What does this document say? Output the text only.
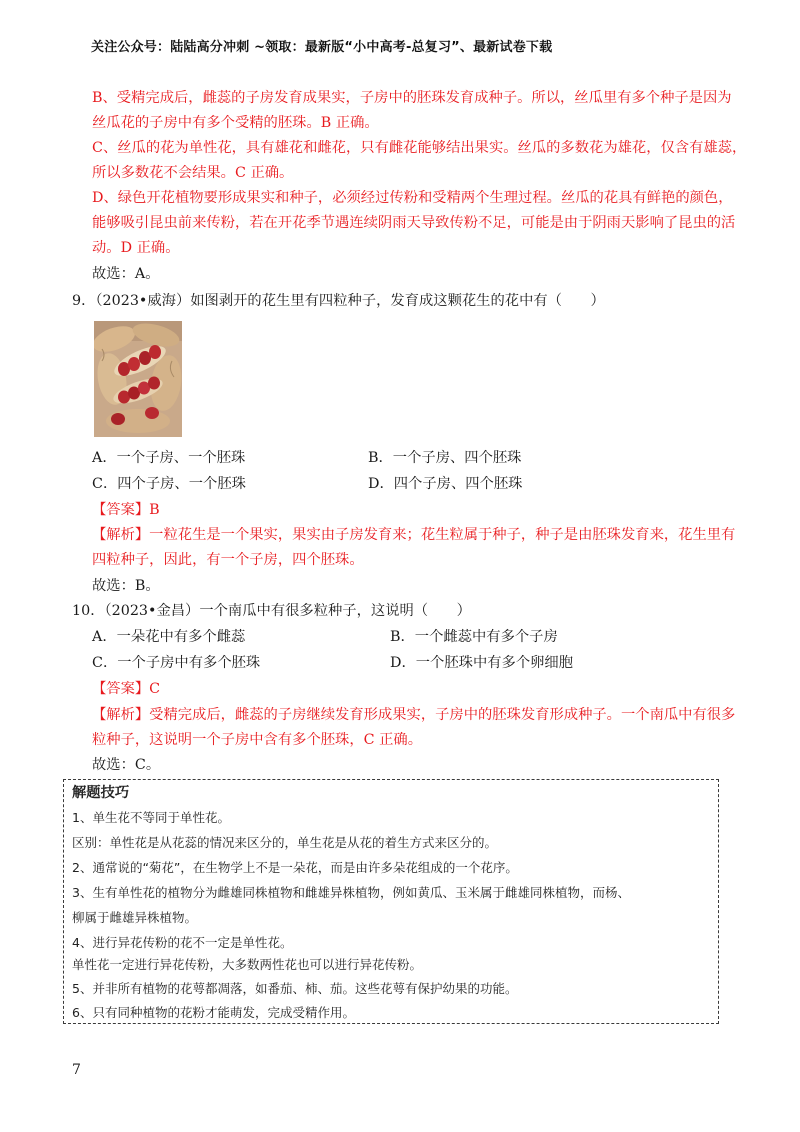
关注公众号：陆陆高分冲刺 ~领取：最新版“小中高考-总复习”、最新试卷下载
B、受精完成后，雌蕊的子房发育成果实，子房中的胚珠发育成种子。所以，丝瓜里有多个种子是因为
丝瓜花的子房中有多个受精的胚珠。B 正确。
C、丝瓜的花为单性花，具有雄花和雌花，只有雌花能够结出果实。丝瓜的多数花为雄花，仅含有雄蕊，
所以多数花不会结果。C 正确。
D、绿色开花植物要形成果实和种子，必须经过传粉和受精两个生理过程。丝瓜的花具有鲜艳的颜色，
能够吸引昆虫前来传粉，若在开花季节遇连续阴雨天导致传粉不足，可能是由于阴雨天影响了昆虫的活
动。D 正确。
故选：A。
9．（2023•威海）如图剥开的花生里有四粒种子，发育成这颗花生的花中有（　　）
A．一个子房、一个胚珠	B．一个子房、四个胚珠
C．四个子房、一个胚珠	D．四个子房、四个胚珠
【答案】B
【解析】一粒花生是一个果实，果实由子房发育来；花生粒属于种子，种子是由胚珠发育来，花生里有
四粒种子，因此，有一个子房，四个胚珠。
故选：B。
10．（2023•金昌）一个南瓜中有很多粒种子，这说明（　　）
A．一朵花中有多个雌蕊	B．一个雌蕊中有多个子房
C．一个子房中有多个胚珠	D．一个胚珠中有多个卵细胞
【答案】C
【解析】受精完成后，雌蕊的子房继续发育形成果实，子房中的胚珠发育形成种子。一个南瓜中有很多
粒种子，这说明一个子房中含有多个胚珠，C 正确。
故选：C。
解题技巧
1、单生花不等同于单性花。
区别：单性花是从花蕊的情况来区分的，单生花是从花的着生方式来区分的。
2、通常说的“菊花”，在生物学上不是一朵花，而是由许多朵花组成的一个花序。
3、生有单性花的植物分为雌雄同株植物和雌雄异株植物，例如黄瓜、玉米属于雌雄同株植物，而杨、
柳属于雌雄异株植物。
4、进行异花传粉的花不一定是单性花。
单性花一定进行异花传粉，大多数两性花也可以进行异花传粉。
5、并非所有植物的花萼都凋落，如番茄、柿、茄。这些花萼有保护幼果的功能。
6、只有同种植物的花粉才能萌发，完成受精作用。
7
